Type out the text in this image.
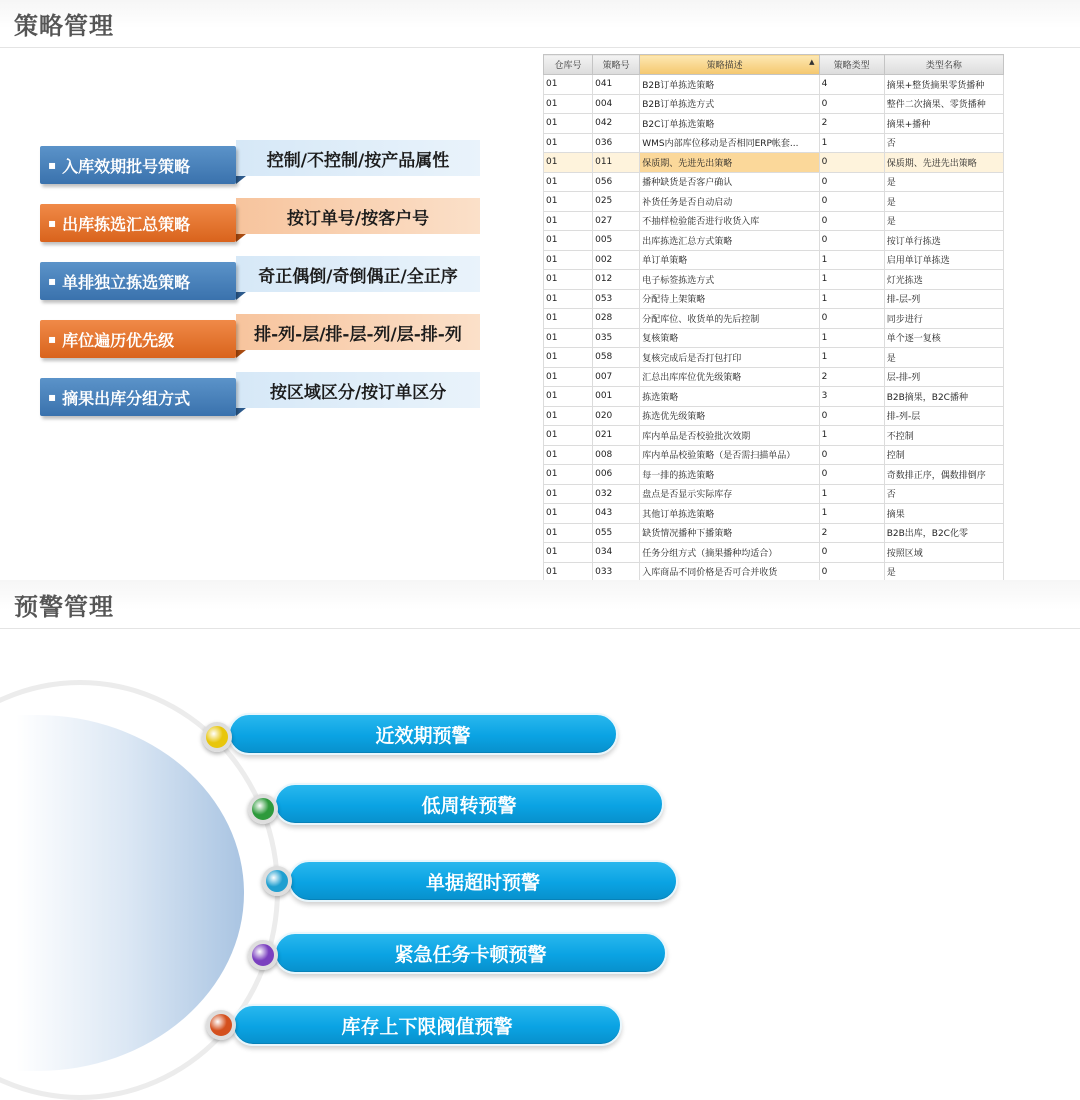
策略管理
控制/不控制/按产品属性
▪ 入库效期批号策略
按订单号/按客户号
▪ 出库拣选汇总策略
奇正偶倒/奇倒偶正/全正序
▪ 单排独立拣选策略
排-列-层/排-层-列/层-排-列
▪ 库位遍历优先级
按区域区分/按订单区分
▪ 摘果出库分组方式
仓库号	策略号	策略描述 ▲	策略类型	类型名称
01	041	B2B订单拣选策略	4	摘果+整货摘果零货播种
01	004	B2B订单拣选方式	0	整件二次摘果、零货播种
01	042	B2C订单拣选策略	2	摘果+播种
01	036	WMS内部库位移动是否相同ERP帐套...	1	否
01	011	保质期、先进先出策略	0	保质期、先进先出策略
01	056	播种缺货是否客户确认	0	是
01	025	补货任务是否自动启动	0	是
01	027	不抽样检验能否进行收货入库	0	是
01	005	出库拣选汇总方式策略	0	按订单行拣选
01	002	单订单策略	1	启用单订单拣选
01	012	电子标签拣选方式	1	灯光拣选
01	053	分配待上架策略	1	排-层-列
01	028	分配库位、收货单的先后控制	0	同步进行
01	035	复核策略	1	单个逐一复核
01	058	复核完成后是否打包打印	1	是
01	007	汇总出库库位优先级策略	2	层-排-列
01	001	拣选策略	3	B2B摘果，B2C播种
01	020	拣选优先级策略	0	排-列-层
01	021	库内单品是否校验批次效期	1	不控制
01	008	库内单品校验策略（是否需扫描单品）	0	控制
01	006	每一排的拣选策略	0	奇数排正序，偶数排倒序
01	032	盘点是否显示实际库存	1	否
01	043	其他订单拣选策略	1	摘果
01	055	缺货情况播种下播策略	2	B2B出库，B2C化零
01	034	任务分组方式（摘果播种均适合）	0	按照区域
01	033	入库商品不同价格是否可合并收货	0	是
预警管理
近效期预警
低周转预警
单据超时预警
紧急任务卡顿预警
库存上下限阀值预警
